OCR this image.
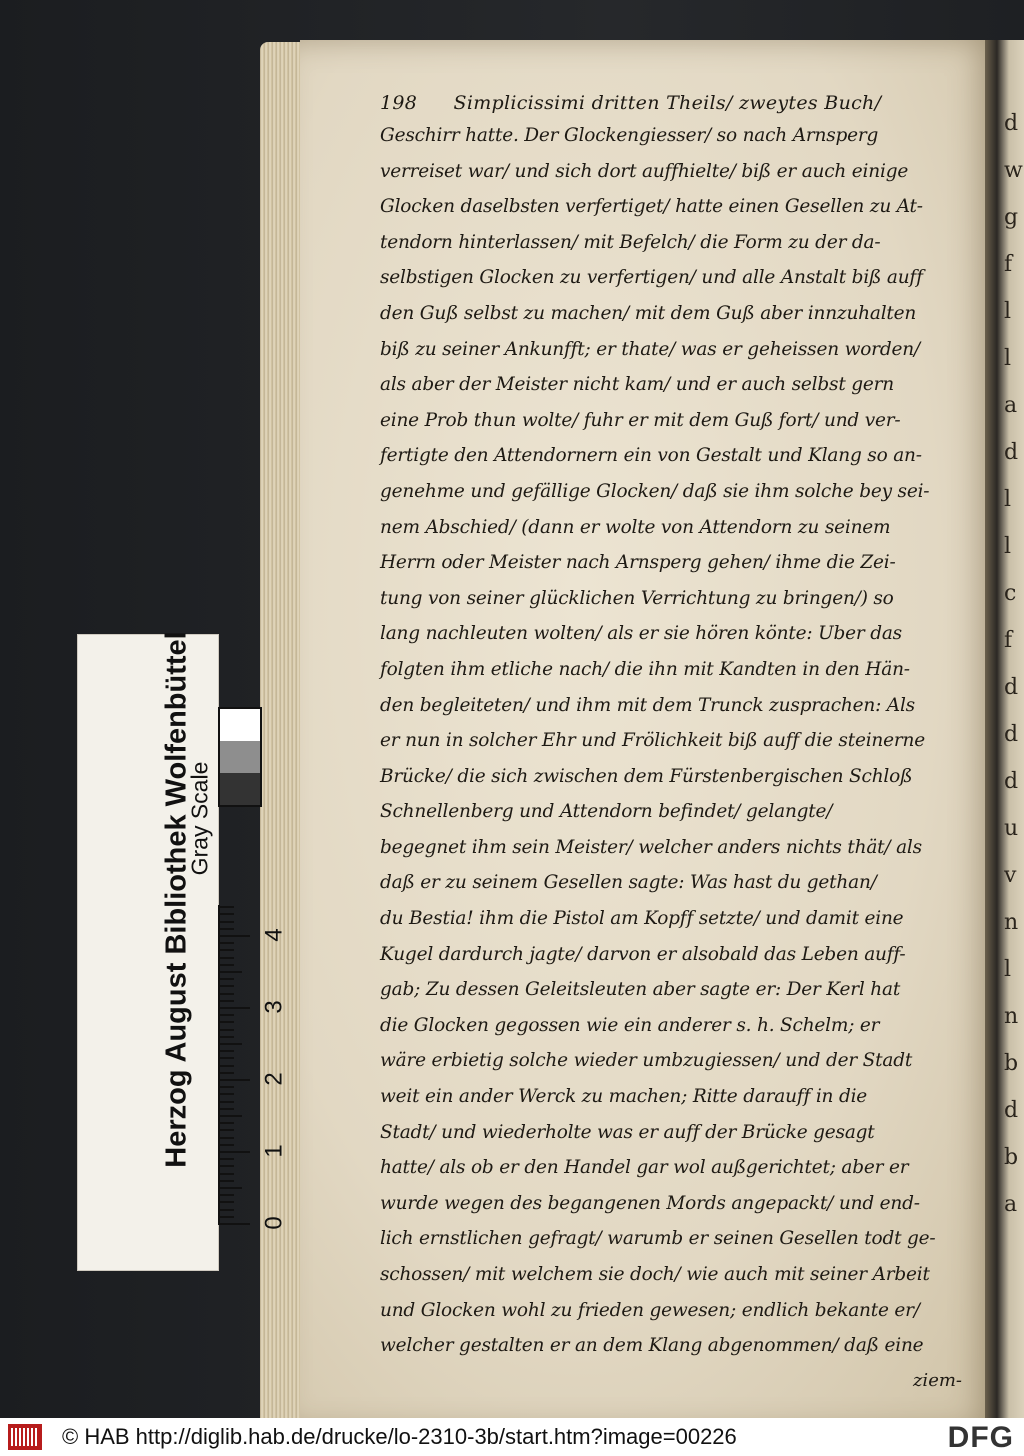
d
w
g
f
l
l
a
d
l
l
c
f
d
d
d
u
v
n
l
n
b
d
b
a
198 Simplicissimi dritten Theils/ zweytes Buch/
Geschirr hatte. Der Glockengiesser/ so nach Arnsperg
verreiset war/ und sich dort auffhielte/ biß er auch einige
Glocken daselbsten verfertiget/ hatte einen Gesellen zu At-
tendorn hinterlassen/ mit Befelch/ die Form zu der da-
selbstigen Glocken zu verfertigen/ und alle Anstalt biß auff
den Guß selbst zu machen/ mit dem Guß aber innzuhalten
biß zu seiner Ankunfft; er thate/ was er geheissen worden/
als aber der Meister nicht kam/ und er auch selbst gern
eine Prob thun wolte/ fuhr er mit dem Guß fort/ und ver-
fertigte den Attendornern ein von Gestalt und Klang so an-
genehme und gefällige Glocken/ daß sie ihm solche bey sei-
nem Abschied/ (dann er wolte von Attendorn zu seinem
Herrn oder Meister nach Arnsperg gehen/ ihme die Zei-
tung von seiner glücklichen Verrichtung zu bringen/) so
lang nachleuten wolten/ als er sie hören könte: Uber das
folgten ihm etliche nach/ die ihn mit Kandten in den Hän-
den begleiteten/ und ihm mit dem Trunck zusprachen: Als
er nun in solcher Ehr und Frölichkeit biß auff die steinerne
Brücke/ die sich zwischen dem Fürstenbergischen Schloß
Schnellenberg und Attendorn befindet/ gelangte/
begegnet ihm sein Meister/ welcher anders nichts thät/ als
daß er zu seinem Gesellen sagte: Was hast du gethan/
du Bestia! ihm die Pistol am Kopff setzte/ und damit eine
Kugel dardurch jagte/ darvon er alsobald das Leben auff-
gab; Zu dessen Geleitsleuten aber sagte er: Der Kerl hat
die Glocken gegossen wie ein anderer s. h. Schelm; er
wäre erbietig solche wieder umbzugiessen/ und der Stadt
weit ein ander Werck zu machen; Ritte darauff in die
Stadt/ und wiederholte was er auff der Brücke gesagt
hatte/ als ob er den Handel gar wol außgerichtet; aber er
wurde wegen des begangenen Mords angepackt/ und end-
lich ernstlichen gefragt/ warumb er seinen Gesellen todt ge-
schossen/ mit welchem sie doch/ wie auch mit seiner Arbeit
und Glocken wohl zu frieden gewesen; endlich bekante er/
welcher gestalten er an dem Klang abgenommen/ daß eine
ziem-
Herzog August Bibliothek Wolfenbüttel
Gray Scale
0
1
2
3
4
© HAB http://diglib.hab.de/drucke/lo-2310-3b/start.htm?image=00226	DFG
